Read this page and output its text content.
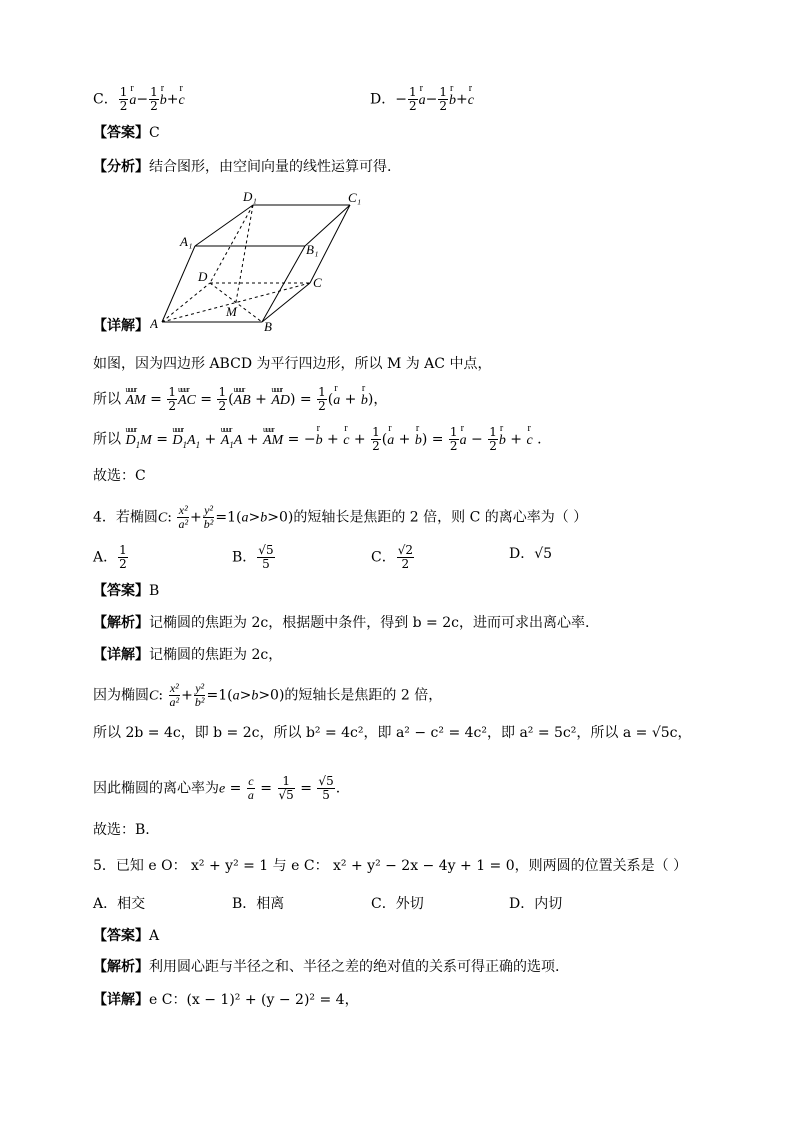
C． $\frac{1}{2}$ r $a- \frac{1}{2}$ r b+r c	D．− $\frac{1}{2}$ r $a- \frac{1}{2}$ r b+r c
【答案】C
【分析】结合图形，由空间向量的线性运算可得.
D₁	C₁
A₁
B₁
D	C
M
A	B
【详解】
如图，因为四边形 ABCD 为平行四边形，所以 M 为 AC 中点，
所以 uuur AM = $\frac{1}{2}$ uuur AC = $\frac{1}{2}$ (uuur AB + uuur $AD) = \frac{1}{2} (r$ a + r b)，
所以 uuur $D_1M$ = uuur $D_1A_1$ + uuur $A_1A$ + uuur AM = −r b + r $c + \frac{1}{2} (r$ a + r $b) = \frac{1}{2}$ r $a - \frac{1}{2}$ r b + r c .
故选：C
4．若椭圆C: $\frac{\text{x²}}{\text{a²}} + \frac{\text{y²}}{\text{b²}} =1(a>b>0)$的短轴长是焦距的 2 倍，则 C 的离心率为（ ）
A． $\frac{1}{2}$	B． $\frac{√5}{5}$	C． $\frac{√2}{2}$	D．√5
【答案】B
【解析】记椭圆的焦距为 2c，根据题中条件，得到 b = 2c，进而可求出离心率.
【详解】记椭圆的焦距为 2c，
因为椭圆C: $\frac{\text{x²}}{\text{a²}} + \frac{\text{y²}}{\text{b²}} =1(a>b>0)$的短轴长是焦距的 2 倍，
所以 2b = 4c，即 b = 2c，所以 b² = 4c²，即 a² − c² = 4c²，即 a² = 5c²，所以 a = √5c，
因此椭圆的离心率为$e = \frac{c}{a} = \frac{1}{√5} = \frac{√5}{5}$ .
故选：B.
5．已知 e O： x² + y² = 1 与 e C： x² + y² − 2x − 4y + 1 = 0，则两圆的位置关系是（ ）
A．相交	B．相离	C．外切	D．内切
【答案】A
【解析】利用圆心距与半径之和、半径之差的绝对值的关系可得正确的选项.
【详解】e C：(x − 1)² + (y − 2)² = 4，
